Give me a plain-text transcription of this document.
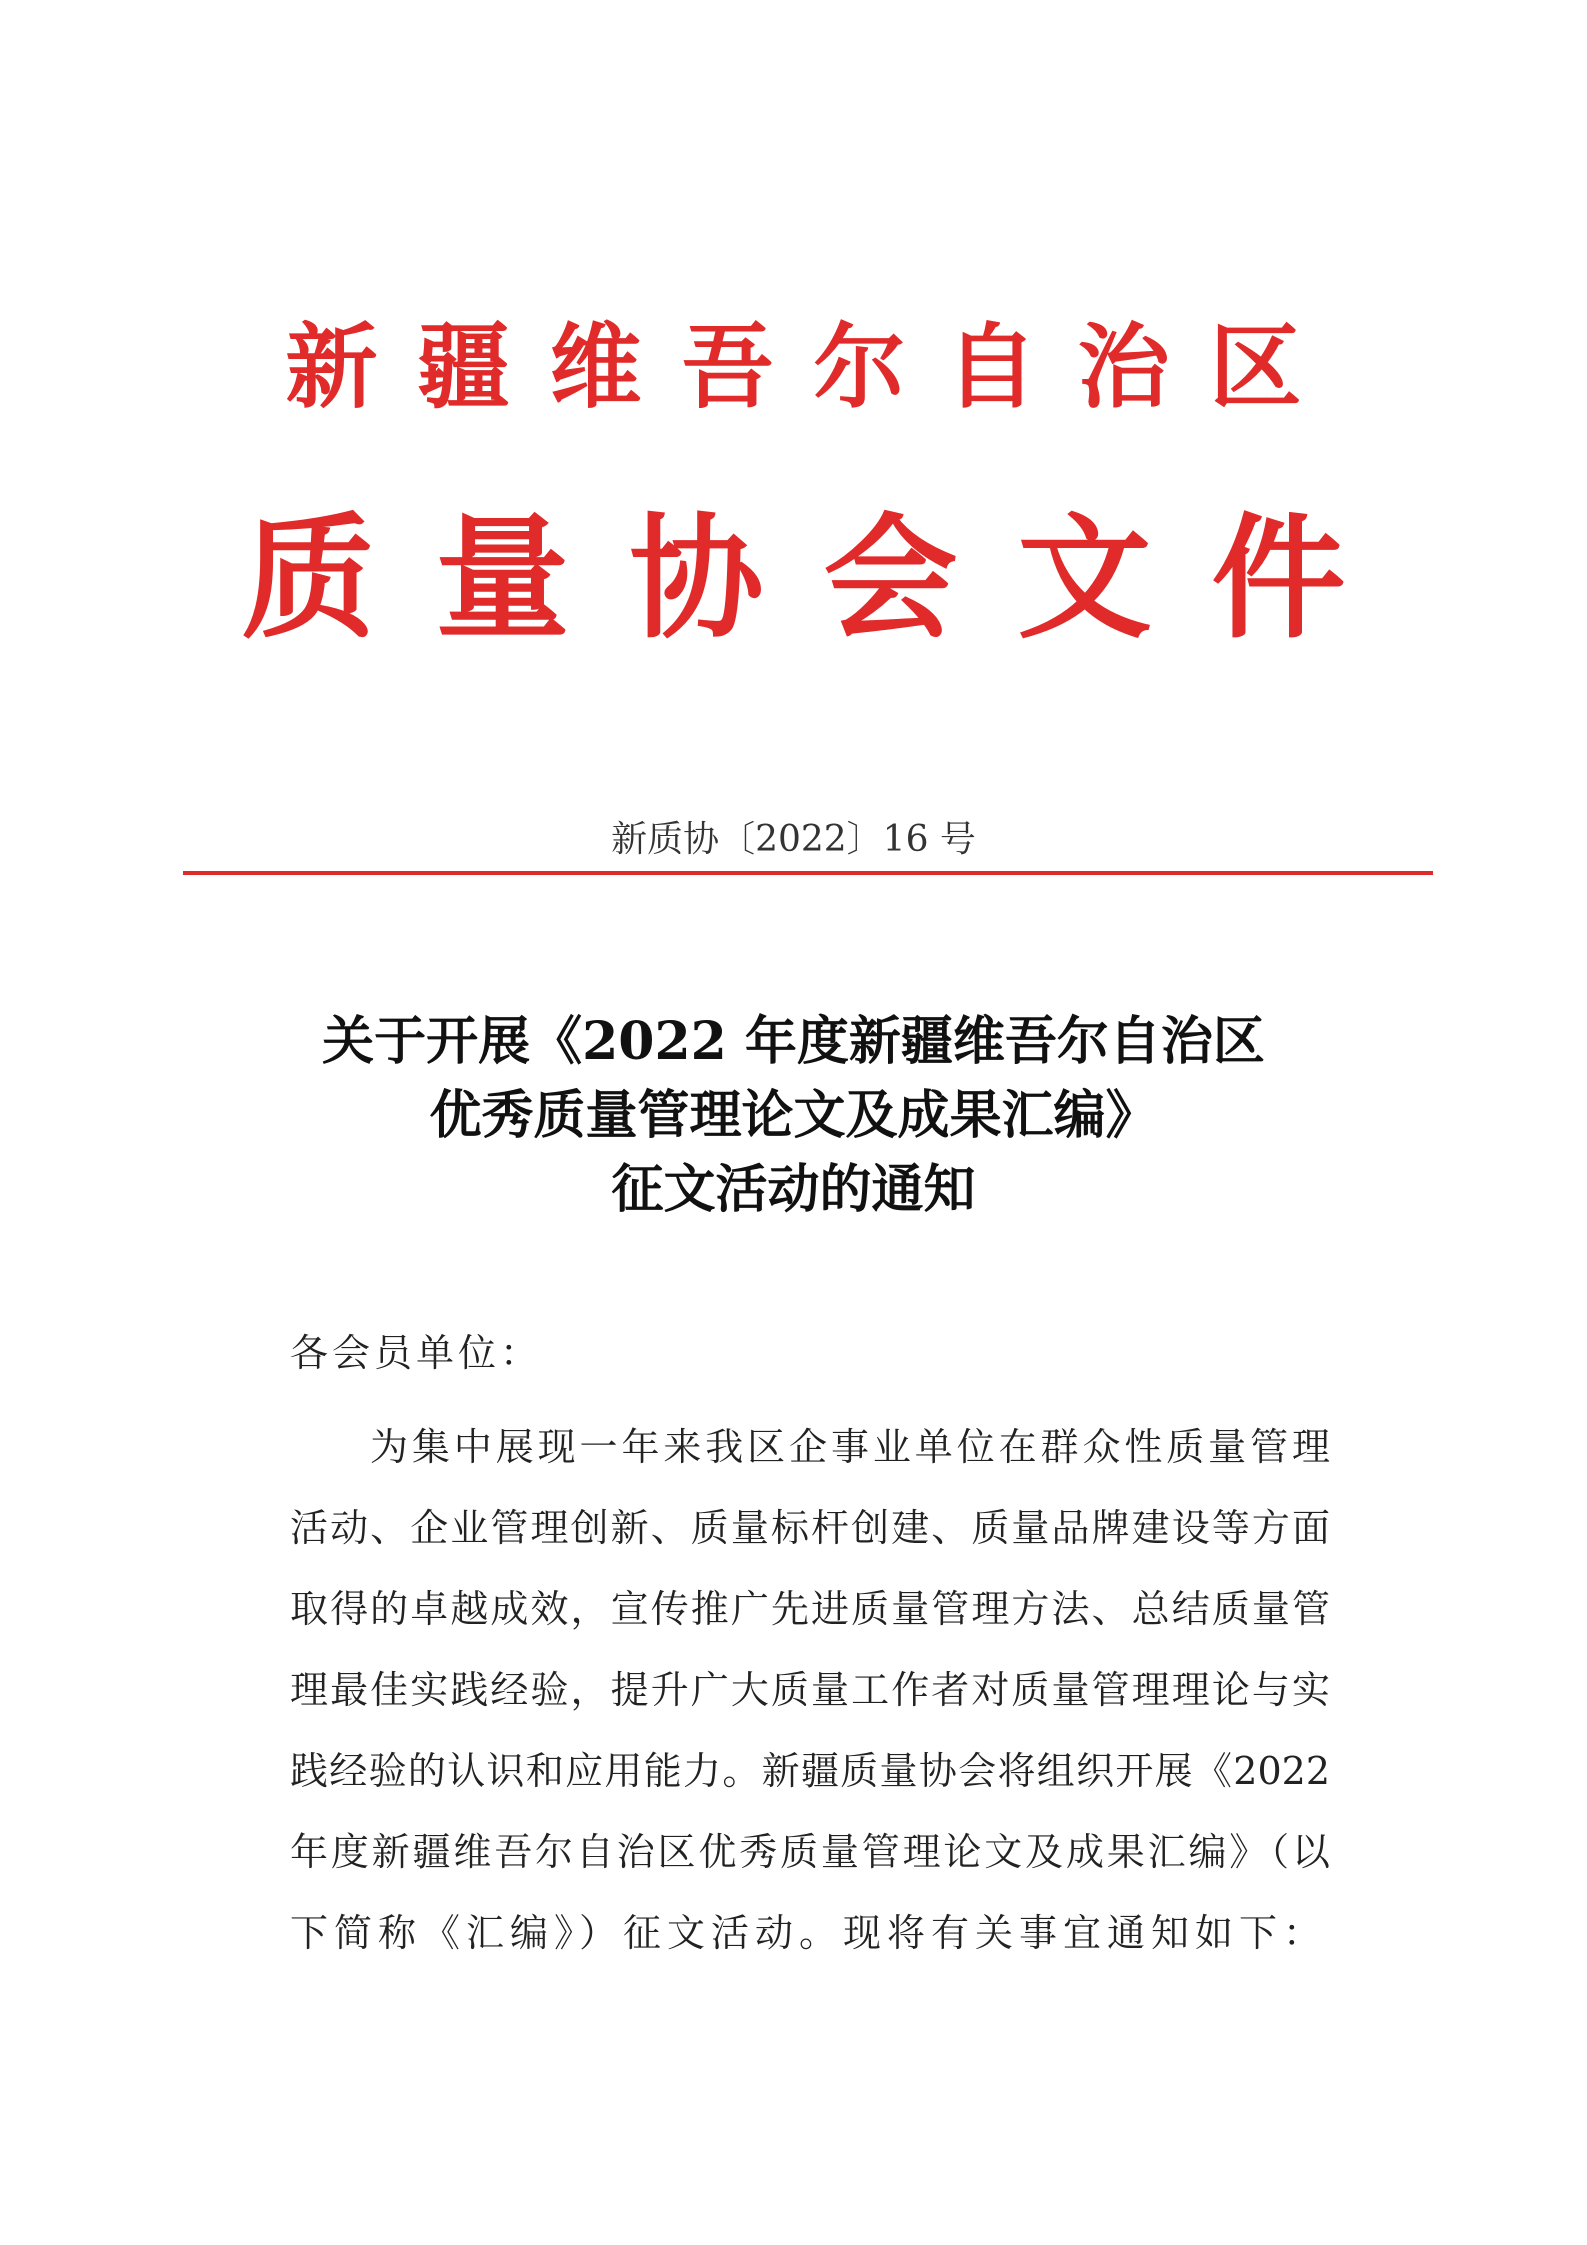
新疆维吾尔自治区
质量协会文件
新质协〔2022〕16 号
关于开展《2022 年度新疆维吾尔自治区
优秀质量管理论文及成果汇编》
征文活动的通知
各会员单位：
为集中展现一年来我区企事业单位在群众性质量管理
活动、企业管理创新、质量标杆创建、质量品牌建设等方面
取得的卓越成效，宣传推广先进质量管理方法、总结质量管
理最佳实践经验，提升广大质量工作者对质量管理理论与实
践经验的认识和应用能力。新疆质量协会将组织开展《2022
年度新疆维吾尔自治区优秀质量管理论文及成果汇编》（以
下简称《汇编》）征文活动。现将有关事宜通知如下：
